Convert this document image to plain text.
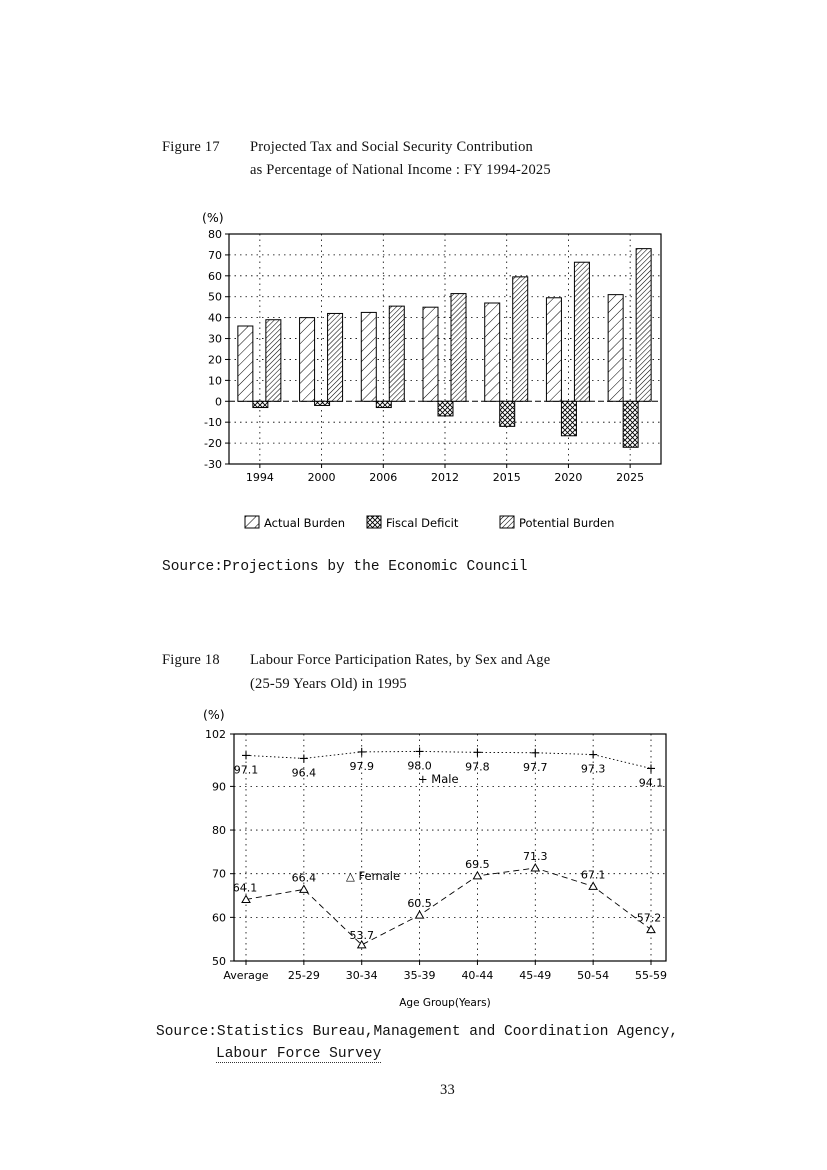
Figure 17 Projected Tax and Social Security Contribution
as Percentage of National Income : FY 1994-2025
80
70
60
50
40
30
20
10
0
-10
-20
-30
1994	2000	2006	2012	2015	2020	2025
(%)
Actual Burden	Fiscal Deficit	Potential Burden
Source:Projections by the Economic Council
Figure 18 Labour Force Participation Rates, by Sex and Age
(25-59 Years Old) in 1995
97.1	96.4
97.9	98.0	97.8	97.7	97.3
94.1
64.1
66.4
53.7
60.5
69.5
71.3
67.1
57.2
102
90
80
70
60
50
Average 25-29 30-34 35-39 40-44 45-49 50-54 55-59
(%)
+ Male
△ Female
Age Group(Years)
Source:Statistics Bureau,Management and Coordination Agency,
Labour Force Survey
33
